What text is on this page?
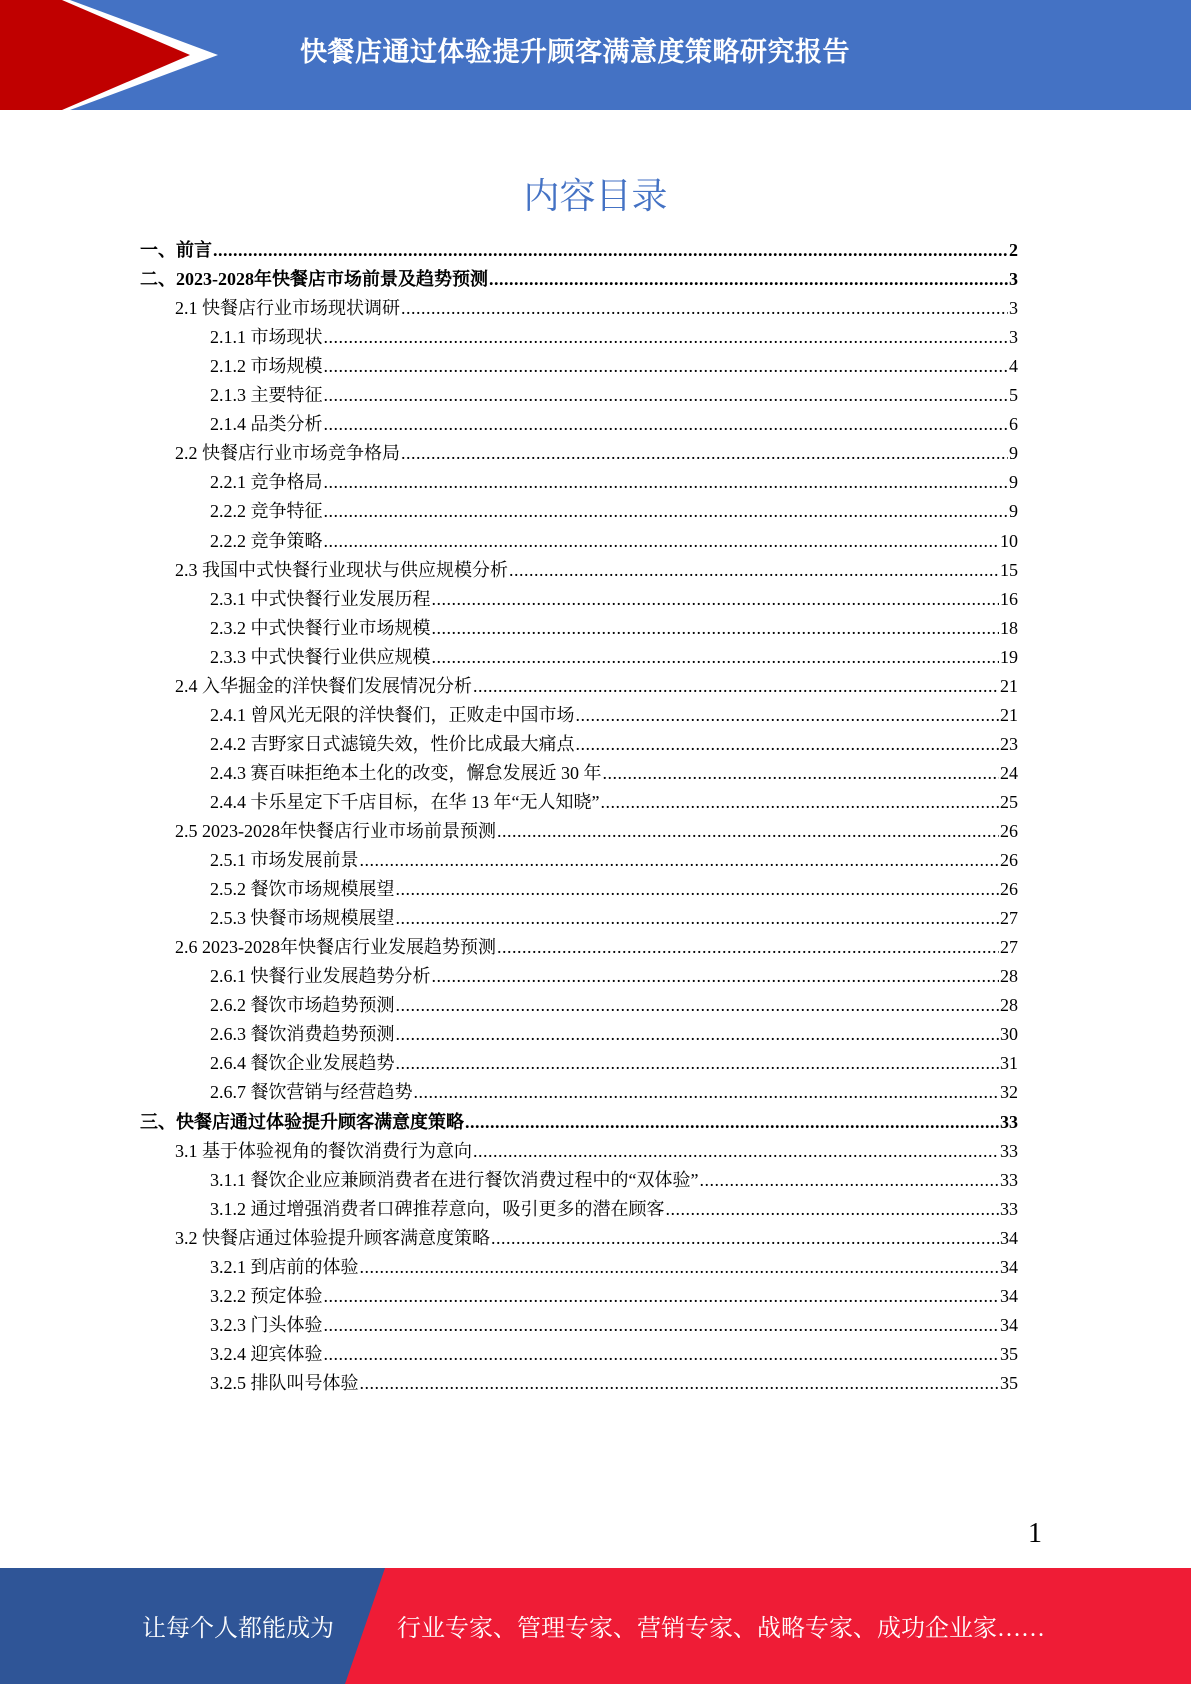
快餐店通过体验提升顾客满意度策略研究报告
内容目录
一、前言 .....	2
二、2023-2028年快餐店市场前景及趋势预测 .....	3
2.1 快餐店行业市场现状调研 .....	3
2.1.1 市场现状 .....	3
2.1.2 市场规模 .....	4
2.1.3 主要特征 .....	5
2.1.4 品类分析 .....	6
2.2 快餐店行业市场竞争格局 .....	9
2.2.1 竞争格局 .....	9
2.2.2 竞争特征 .....	9
2.2.2 竞争策略 .....	10
2.3 我国中式快餐行业现状与供应规模分析 .....	15
2.3.1 中式快餐行业发展历程 .....	16
2.3.2 中式快餐行业市场规模 .....	18
2.3.3 中式快餐行业供应规模 .....	19
2.4 入华掘金的洋快餐们发展情况分析 .....	21
2.4.1 曾风光无限的洋快餐们，正败走中国市场 .....	21
2.4.2 吉野家日式滤镜失效，性价比成最大痛点 .....	23
2.4.3 赛百味拒绝本土化的改变，懈怠发展近 30 年 .....	24
2.4.4 卡乐星定下千店目标，在华 13 年“无人知晓” .....	25
2.5 2023-2028年快餐店行业市场前景预测 .....	26
2.5.1 市场发展前景 .....	26
2.5.2 餐饮市场规模展望 .....	26
2.5.3 快餐市场规模展望 .....	27
2.6 2023-2028年快餐店行业发展趋势预测 .....	27
2.6.1 快餐行业发展趋势分析 .....	28
2.6.2 餐饮市场趋势预测 .....	28
2.6.3 餐饮消费趋势预测 .....	30
2.6.4 餐饮企业发展趋势 .....	31
2.6.7 餐饮营销与经营趋势 .....	32
三、快餐店通过体验提升顾客满意度策略 .....	33
3.1 基于体验视角的餐饮消费行为意向 .....	33
3.1.1 餐饮企业应兼顾消费者在进行餐饮消费过程中的“双体验” .....	33
3.1.2 通过增强消费者口碑推荐意向，吸引更多的潜在顾客 .....	33
3.2 快餐店通过体验提升顾客满意度策略 .....	34
3.2.1 到店前的体验 .....	34
3.2.2 预定体验 .....	34
3.2.3 门头体验 .....	34
3.2.4 迎宾体验 .....	35
3.2.5 排队叫号体验 .....	35
1
让每个人都能成为	行业专家、管理专家、营销专家、战略专家、成功企业家……
